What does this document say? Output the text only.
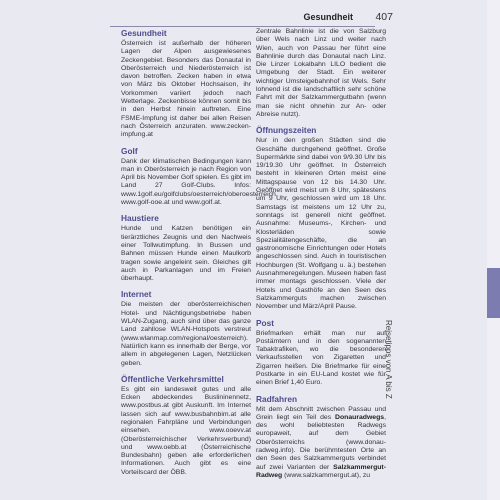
Gesundheit 407
Gesundheit

Österreich ist außerhalb der höheren Lagen der Alpen ausgewiesenes Zeckengebiet. Besonders das Donautal in Oberösterreich und Niederösterreich ist davon betroffen. Zecken haben in etwa von März bis Oktober Hochsaison, ihr Vorkommen variiert jedoch nach Wetterlage. Zeckenbisse können somit bis in den Herbst hinein auftreten. Eine FSME-Impfung ist daher bei allen Reisen nach Österreich anzuraten. www.zecken-impfung.at

Golf

Dank der klimatischen Bedingungen kann man in Oberösterreich je nach Region von April bis November Golf spielen. Es gibt im Land 27 Golf-Clubs. Infos: www.1golf.eu/golfclubs/oesterreich/oberoesterreich, www.golf-ooe.at und www.golf.at.

Haustiere

Hunde und Katzen benötigen ein tierärztliches Zeugnis und den Nachweis einer Tollwutimpfung. In Bussen und Bahnen müssen Hunde einen Maulkorb tragen sowie angeleint sein. Gleiches gilt auch in Parkanlagen und im Freien überhaupt.

Internet

Die meisten der oberösterreichischen Hotel- und Nächtigungsbetriebe haben WLAN-Zugang, auch sind über das ganze Land zahllose WLAN-Hotspots verstreut (www.wlanmap.com/regional/oesterreich). Natürlich kann es innerhalb der Berge, vor allem in abgelegenen Lagen, Netzlücken geben.

Öffentliche Verkehrsmittel

Es gibt ein landesweit gutes und alle Ecken abdeckendes Buslininennetz, www.postbus.at gibt Auskunft. Im Internet lassen sich auf www.busbahnbim.at alle regionalen Fahrpläne und Verbindungen einsehen. www.ooevv.at (Oberösterreichischer Verkehrsverbund) und www.oebb.at (Österreichische Bundesbahn) geben alle erforderlichen Informationen. Auch gibt es eine Vorteilscard der ÖBB.

Zentrale Bahnlinie ist die von Salzburg über Wels nach Linz und weiter nach Wien, auch von Passau her führt eine Bahnlinie durch das Donautal nach Linz. Die Linzer Lokalbahn LILO bedient die Umgebung der Stadt. Ein weiterer wichtiger Umsteigebahnhof ist Wels. Sehr lohnend ist die landschaftlich sehr schöne Fahrt mit der Salzkammergutbahn (wenn man sie nicht ohnehin zur An- oder Abreise nutzt).

Öffnungszeiten

Nur in den großen Städten sind die Geschäfte durchgehend geöffnet. Große Supermärkte sind dabei von 9/9.30 Uhr bis 19/19.30 Uhr geöffnet. In Österreich besteht in kleineren Orten meist eine Mittagspause von 12 bis 14.30 Uhr. Geöffnet wird meist um 8 Uhr, spätestens um 9 Uhr, geschlossen wird um 18 Uhr. Samstags ist meistens um 12 Uhr zu, sonntags ist generell nicht geöffnet. Ausnahme: Museums-, Kirchen- und Klosterläden sowie Spezialitätengeschäfte, die an gastronomische Einrichtungen oder Hotels angeschlossen sind. Auch in touristischen Hochburgen (St. Wolfgang u. ä.) bestehen Ausnahmeregelungen. Museen haben fast immer montags geschlossen. Viele der Hotels und Gasthöfe an den Seen des Salzkammerguts machen zwischen November und März/April Pause.

Post

Briefmarken erhält man nur auf Postämtern und in den sogenannten Tabaktrafiken, wo die besonderen Verkaufsstellen von Zigaretten und Zigarren heißen. Die Briefmarke für eine Postkarte in ein EU-Land kostet wie für einen Brief 1,40 Euro.

Radfahren

Mit dem Abschnitt zwischen Passau und Grein liegt ein Teil des Donauradwegs, des wohl beliebtesten Radwegs europaweit, auf dem Gebiet Oberösterreichs (www.donau-radweg.info). Die berühmtesten Orte an den Seen des Salzkammerguts verbindet auf zwei Varianten der Salzkammergut-Radweg (www.salzkammergut.at), zu

Reisetipps von A bis Z
